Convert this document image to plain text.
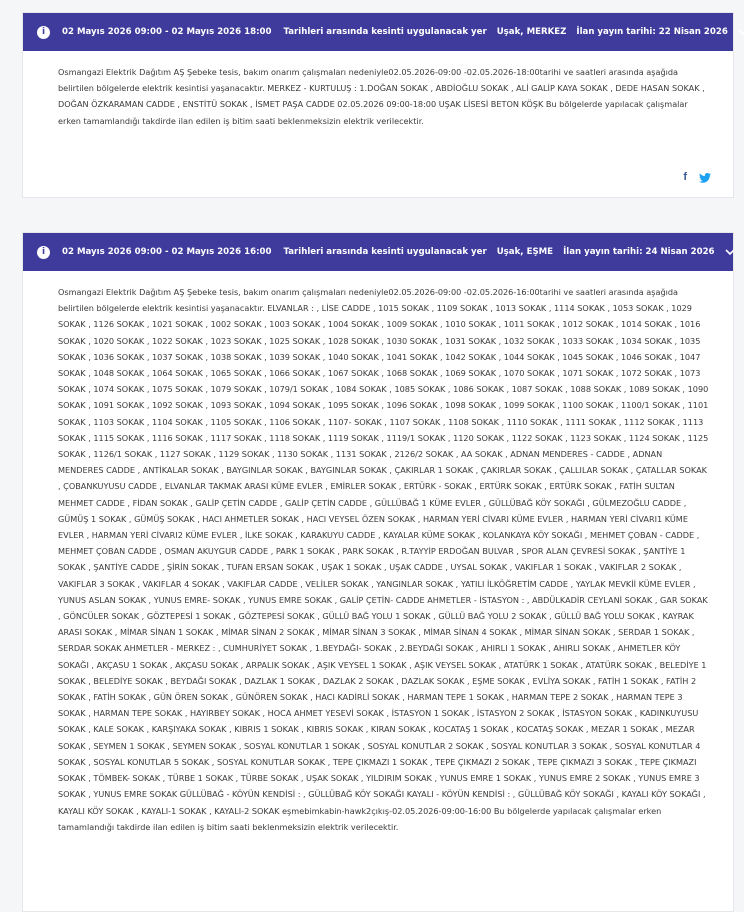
i	02 Mayıs 2026 09:00 - 02 Mayıs 2026 18:00 Tarihleri arasında kesinti uygulanacak yer Uşak, MERKEZ İlan yayın tarihi: 22 Nisan 2026
Osmangazi Elektrik Dağıtım AŞ Şebeke tesis, bakım onarım çalışmaları nedeniyle02.05.2026-09:00 -02.05.2026-18:00tarihi ve saatleri arasında aşağıda belirtilen bölgelerde elektrik kesintisi yaşanacaktır. MERKEZ - KURTULUŞ : 1.DOĞAN SOKAK , ABDİOĞLU SOKAK , ALİ GALİP KAYA SOKAK , DEDE HASAN SOKAK , DOĞAN ÖZKARAMAN CADDE , ENSTİTÜ SOKAK , İSMET PAŞA CADDE 02.05.2026 09:00-18:00 UŞAK LİSESİ BETON KÖŞK Bu bölgelerde yapılacak çalışmalar erken tamamlandığı takdirde ilan edilen iş bitim saati beklenmeksizin elektrik verilecektir.
f
i	02 Mayıs 2026 09:00 - 02 Mayıs 2026 16:00 Tarihleri arasında kesinti uygulanacak yer Uşak, EŞME İlan yayın tarihi: 24 Nisan 2026
Osmangazi Elektrik Dağıtım AŞ Şebeke tesis, bakım onarım çalışmaları nedeniyle02.05.2026-09:00 -02.05.2026-16:00tarihi ve saatleri arasında aşağıda belirtilen bölgelerde elektrik kesintisi yaşanacaktır. ELVANLAR : , LİSE CADDE , 1015 SOKAK , 1109 SOKAK , 1013 SOKAK , 1114 SOKAK , 1053 SOKAK , 1029 SOKAK , 1126 SOKAK , 1021 SOKAK , 1002 SOKAK , 1003 SOKAK , 1004 SOKAK , 1009 SOKAK , 1010 SOKAK , 1011 SOKAK , 1012 SOKAK , 1014 SOKAK , 1016 SOKAK , 1020 SOKAK , 1022 SOKAK , 1023 SOKAK , 1025 SOKAK , 1028 SOKAK , 1030 SOKAK , 1031 SOKAK , 1032 SOKAK , 1033 SOKAK , 1034 SOKAK , 1035 SOKAK , 1036 SOKAK , 1037 SOKAK , 1038 SOKAK , 1039 SOKAK , 1040 SOKAK , 1041 SOKAK , 1042 SOKAK , 1044 SOKAK , 1045 SOKAK , 1046 SOKAK , 1047 SOKAK , 1048 SOKAK , 1064 SOKAK , 1065 SOKAK , 1066 SOKAK , 1067 SOKAK , 1068 SOKAK , 1069 SOKAK , 1070 SOKAK , 1071 SOKAK , 1072 SOKAK , 1073 SOKAK , 1074 SOKAK , 1075 SOKAK , 1079 SOKAK , 1079/1 SOKAK , 1084 SOKAK , 1085 SOKAK , 1086 SOKAK , 1087 SOKAK , 1088 SOKAK , 1089 SOKAK , 1090 SOKAK , 1091 SOKAK , 1092 SOKAK , 1093 SOKAK , 1094 SOKAK , 1095 SOKAK , 1096 SOKAK , 1098 SOKAK , 1099 SOKAK , 1100 SOKAK , 1100/1 SOKAK , 1101 SOKAK , 1103 SOKAK , 1104 SOKAK , 1105 SOKAK , 1106 SOKAK , 1107- SOKAK , 1107 SOKAK , 1108 SOKAK , 1110 SOKAK , 1111 SOKAK , 1112 SOKAK , 1113 SOKAK , 1115 SOKAK , 1116 SOKAK , 1117 SOKAK , 1118 SOKAK , 1119 SOKAK , 1119/1 SOKAK , 1120 SOKAK , 1122 SOKAK , 1123 SOKAK , 1124 SOKAK , 1125 SOKAK , 1126/1 SOKAK , 1127 SOKAK , 1129 SOKAK , 1130 SOKAK , 1131 SOKAK , 2126/2 SOKAK , AA SOKAK , ADNAN MENDERES - CADDE , ADNAN MENDERES CADDE , ANTİKALAR SOKAK , BAYGINLAR SOKAK , BAYGINLAR SOKAK , ÇAKIRLAR 1 SOKAK , ÇAKIRLAR SOKAK , ÇALLILAR SOKAK , ÇATALLAR SOKAK , ÇOBANKUYUSU CADDE , ELVANLAR TAKMAK ARASI KÜME EVLER , EMİRLER SOKAK , ERTÜRK - SOKAK , ERTÜRK SOKAK , ERTÜRK SOKAK , FATİH SULTAN MEHMET CADDE , FİDAN SOKAK , GALİP ÇETİN CADDE , GALİP ÇETİN CADDE , GÜLLÜBAĞ 1 KÜME EVLER , GÜLLÜBAĞ KÖY SOKAĞI , GÜLMEZOĞLU CADDE , GÜMÜŞ 1 SOKAK , GÜMÜŞ SOKAK , HACI AHMETLER SOKAK , HACI VEYSEL ÖZEN SOKAK , HARMAN YERİ CİVARI KÜME EVLER , HARMAN YERİ CİVARI1 KÜME EVLER , HARMAN YERİ CİVARI2 KÜME EVLER , İLKE SOKAK , KARAKUYU CADDE , KAYALAR KÜME SOKAK , KOLANKAYA KÖY SOKAĞI , MEHMET ÇOBAN - CADDE , MEHMET ÇOBAN CADDE , OSMAN AKUYGUR CADDE , PARK 1 SOKAK , PARK SOKAK , R.TAYYİP ERDOĞAN BULVAR , SPOR ALAN ÇEVRESİ SOKAK , ŞANTİYE 1 SOKAK , ŞANTİYE CADDE , ŞİRİN SOKAK , TUFAN ERSAN SOKAK , UŞAK 1 SOKAK , UŞAK CADDE , UYSAL SOKAK , VAKIFLAR 1 SOKAK , VAKIFLAR 2 SOKAK , VAKIFLAR 3 SOKAK , VAKIFLAR 4 SOKAK , VAKIFLAR CADDE , VELİLER SOKAK , YANGINLAR SOKAK , YATILI İLKÖĞRETİM CADDE , YAYLAK MEVKİİ KÜME EVLER , YUNUS ASLAN SOKAK , YUNUS EMRE- SOKAK , YUNUS EMRE SOKAK , GALİP ÇETİN- CADDE AHMETLER - İSTASYON : , ABDÜLKADİR CEYLANİ SOKAK , GAR SOKAK , GÖNCÜLER SOKAK , GÖZTEPESİ 1 SOKAK , GÖZTEPESİ SOKAK , GÜLLÜ BAĞ YOLU 1 SOKAK , GÜLLÜ BAĞ YOLU 2 SOKAK , GÜLLÜ BAĞ YOLU SOKAK , KAYRAK ARASI SOKAK , MİMAR SİNAN 1 SOKAK , MİMAR SİNAN 2 SOKAK , MİMAR SİNAN 3 SOKAK , MİMAR SİNAN 4 SOKAK , MİMAR SİNAN SOKAK , SERDAR 1 SOKAK , SERDAR SOKAK AHMETLER - MERKEZ : , CUMHURİYET SOKAK , 1.BEYDAĞI- SOKAK , 2.BEYDAĞI SOKAK , AHIRLI 1 SOKAK , AHIRLI SOKAK , AHMETLER KÖY SOKAĞI , AKÇASU 1 SOKAK , AKÇASU SOKAK , ARPALIK SOKAK , AŞIK VEYSEL 1 SOKAK , AŞIK VEYSEL SOKAK , ATATÜRK 1 SOKAK , ATATÜRK SOKAK , BELEDİYE 1 SOKAK , BELEDİYE SOKAK , BEYDAĞI SOKAK , DAZLAK 1 SOKAK , DAZLAK 2 SOKAK , DAZLAK SOKAK , EŞME SOKAK , EVLİYA SOKAK , FATİH 1 SOKAK , FATİH 2 SOKAK , FATİH SOKAK , GÜN ÖREN SOKAK , GÜNÖREN SOKAK , HACI KADİRLİ SOKAK , HARMAN TEPE 1 SOKAK , HARMAN TEPE 2 SOKAK , HARMAN TEPE 3 SOKAK , HARMAN TEPE SOKAK , HAYIRBEY SOKAK , HOCA AHMET YESEVİ SOKAK , İSTASYON 1 SOKAK , İSTASYON 2 SOKAK , İSTASYON SOKAK , KADINKUYUSU SOKAK , KALE SOKAK , KARŞIYAKA SOKAK , KIBRIS 1 SOKAK , KIBRIS SOKAK , KIRAN SOKAK , KOCATAŞ 1 SOKAK , KOCATAŞ SOKAK , MEZAR 1 SOKAK , MEZAR SOKAK , SEYMEN 1 SOKAK , SEYMEN SOKAK , SOSYAL KONUTLAR 1 SOKAK , SOSYAL KONUTLAR 2 SOKAK , SOSYAL KONUTLAR 3 SOKAK , SOSYAL KONUTLAR 4 SOKAK , SOSYAL KONUTLAR 5 SOKAK , SOSYAL KONUTLAR SOKAK , TEPE ÇIKMAZI 1 SOKAK , TEPE ÇIKMAZI 2 SOKAK , TEPE ÇIKMAZI 3 SOKAK , TEPE ÇIKMAZI SOKAK , TÖMBEK- SOKAK , TÜRBE 1 SOKAK , TÜRBE SOKAK , UŞAK SOKAK , YILDIRIM SOKAK , YUNUS EMRE 1 SOKAK , YUNUS EMRE 2 SOKAK , YUNUS EMRE 3 SOKAK , YUNUS EMRE SOKAK GÜLLÜBAĞ - KÖYÜN KENDİSİ : , GÜLLÜBAĞ KÖY SOKAĞI KAYALI - KÖYÜN KENDİSİ : , GÜLLÜBAĞ KÖY SOKAĞI , KAYALI KÖY SOKAĞI , KAYALI KÖY SOKAK , KAYALI-1 SOKAK , KAYALI-2 SOKAK eşmebimkabin-hawk2çıkış-02.05.2026-09:00-16:00 Bu bölgelerde yapılacak çalışmalar erken tamamlandığı takdirde ilan edilen iş bitim saati beklenmeksizin elektrik verilecektir.
